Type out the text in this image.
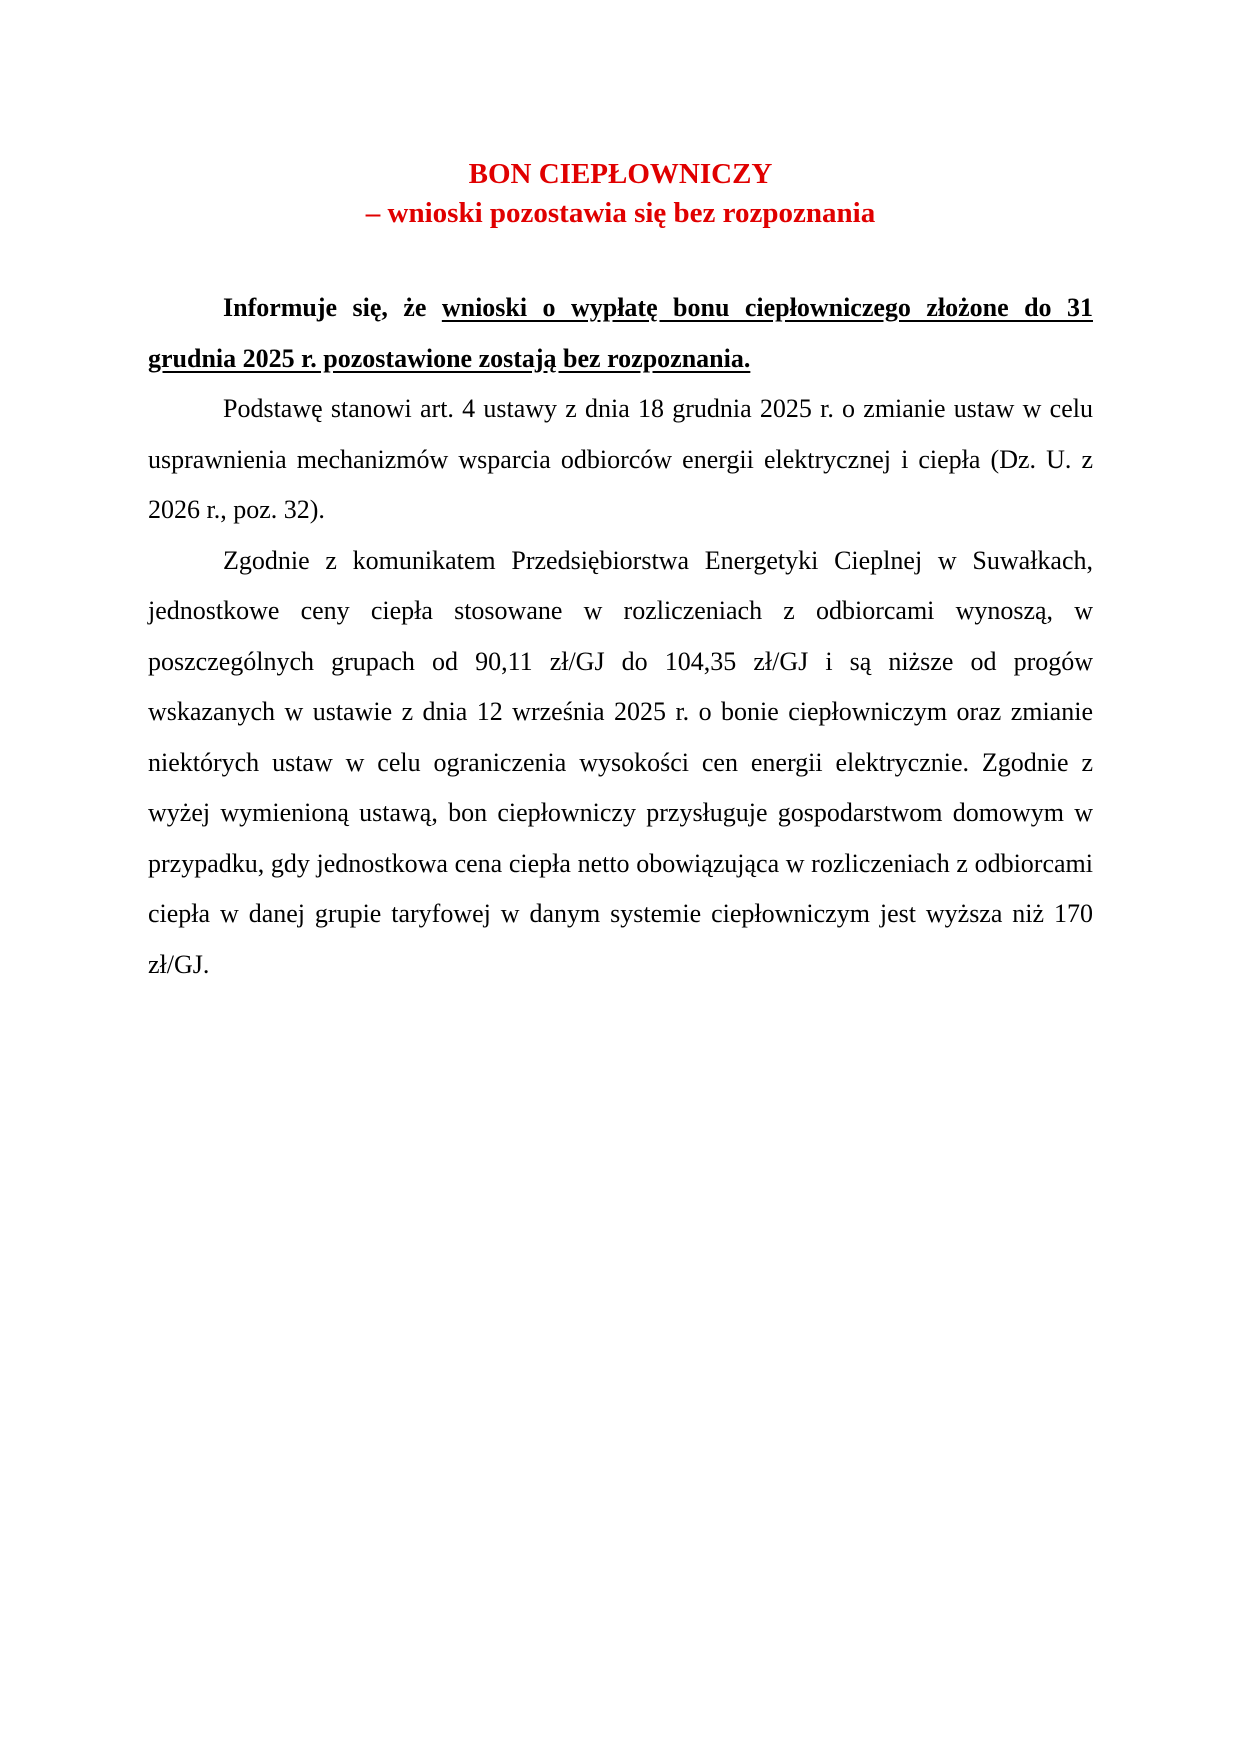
BON CIEPŁOWNICZY
– wnioski pozostawia się bez rozpoznania

Informuje się, że wnioski o wypłatę bonu ciepłowniczego złożone do 31 grudnia 2025 r. pozostawione zostają bez rozpoznania.

Podstawę stanowi art. 4 ustawy z dnia 18 grudnia 2025 r. o zmianie ustaw w celu usprawnienia mechanizmów wsparcia odbiorców energii elektrycznej i ciepła (Dz. U. z 2026 r., poz. 32).

Zgodnie z komunikatem Przedsiębiorstwa Energetyki Cieplnej w Suwałkach, jednostkowe ceny ciepła stosowane w rozliczeniach z odbiorcami wynoszą, w poszczególnych grupach od 90,11 zł/GJ do 104,35 zł/GJ i są niższe od progów wskazanych w ustawie z dnia 12 września 2025 r. o bonie ciepłowniczym oraz zmianie niektórych ustaw w celu ograniczenia wysokości cen energii elektrycznie. Zgodnie z wyżej wymienioną ustawą, bon ciepłowniczy przysługuje gospodarstwom domowym w przypadku, gdy jednostkowa cena ciepła netto obowiązująca w rozliczeniach z odbiorcami ciepła w danej grupie taryfowej w danym systemie ciepłowniczym jest wyższa niż 170 zł/GJ.
